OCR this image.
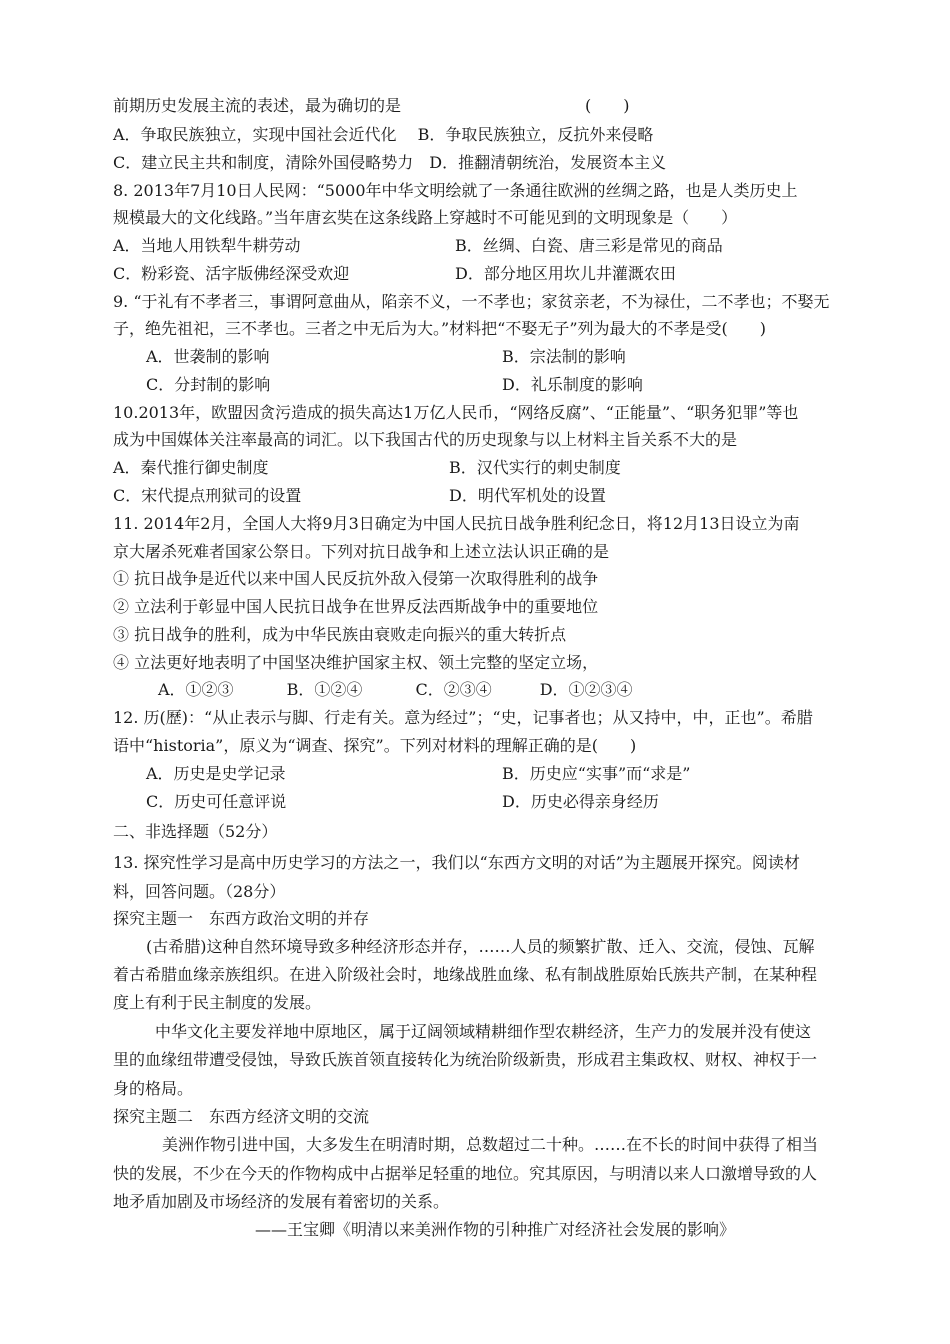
前期历史发展主流的表述，最为确切的是	(　　)
A．争取民族独立，实现中国社会近代化　 B．争取民族独立，反抗外来侵略
C．建立民主共和制度，清除外国侵略势力　D．推翻清朝统治，发展资本主义
8. 2013年7月10日人民网：“5000年中华文明绘就了一条通往欧洲的丝绸之路，也是人类历史上
规模最大的文化线路。”当年唐玄奘在这条线路上穿越时不可能见到的文明现象是（　　）
A．当地人用铁犁牛耕劳动	B．丝绸、白瓷、唐三彩是常见的商品
C．粉彩瓷、活字版佛经深受欢迎	D．部分地区用坎儿井灌溉农田
9. “于礼有不孝者三，事谓阿意曲从，陷亲不义，一不孝也；家贫亲老，不为禄仕，二不孝也；不娶无
子，绝先祖祀，三不孝也。三者之中无后为大。”材料把“不娶无子”列为最大的不孝是受(　　)
A．世袭制的影响	B．宗法制的影响
C．分封制的影响	D．礼乐制度的影响
10.2013年，欧盟因贪污造成的损失高达1万亿人民币，“网络反腐”、“正能量”、“职务犯罪”等也
成为中国媒体关注率最高的词汇。以下我国古代的历史现象与以上材料主旨关系不大的是
A．秦代推行御史制度	B．汉代实行的刺史制度
C．宋代提点刑狱司的设置	D．明代军机处的设置
11. 2014年2月，全国人大将9月3日确定为中国人民抗日战争胜利纪念日，将12月13日设立为南
京大屠杀死难者国家公祭日。下列对抗日战争和上述立法认识正确的是
① 抗日战争是近代以来中国人民反抗外敌入侵第一次取得胜利的战争
② 立法利于彰显中国人民抗日战争在世界反法西斯战争中的重要地位
③ 抗日战争的胜利，成为中华民族由衰败走向振兴的重大转折点
④ 立法更好地表明了中国坚决维护国家主权、领土完整的坚定立场，
A．①②③　　　 B．①②④　　　 C．②③④　　　D．①②③④
12. 历(歷)：“从止表示与脚、行走有关。意为经过”；“史，记事者也；从又持中，中，正也”。希腊
语中“historia”，原义为“调查、探究”。下列对材料的理解正确的是(　　)
A．历史是史学记录	B．历史应“实事”而“求是”
C．历史可任意评说	D．历史必得亲身经历
二、非选择题（52分）
13. 探究性学习是高中历史学习的方法之一，我们以“东西方文明的对话”为主题展开探究。阅读材
料，回答问题。（28分）
探究主题一　东西方政治文明的并存
(古希腊)这种自然环境导致多种经济形态并存，……人员的频繁扩散、迁入、交流，侵蚀、瓦解
着古希腊血缘亲族组织。在进入阶级社会时，地缘战胜血缘、私有制战胜原始氏族共产制，在某种程
度上有利于民主制度的发展。
中华文化主要发祥地中原地区，属于辽阔领域精耕细作型农耕经济，生产力的发展并没有使这
里的血缘纽带遭受侵蚀，导致氏族首领直接转化为统治阶级新贵，形成君主集政权、财权、神权于一
身的格局。
探究主题二　东西方经济文明的交流
美洲作物引进中国，大多发生在明清时期，总数超过二十种。……在不长的时间中获得了相当
快的发展，不少在今天的作物构成中占据举足轻重的地位。究其原因，与明清以来人口激增导致的人
地矛盾加剧及市场经济的发展有着密切的关系。
——王宝卿《明清以来美洲作物的引种推广对经济社会发展的影响》
